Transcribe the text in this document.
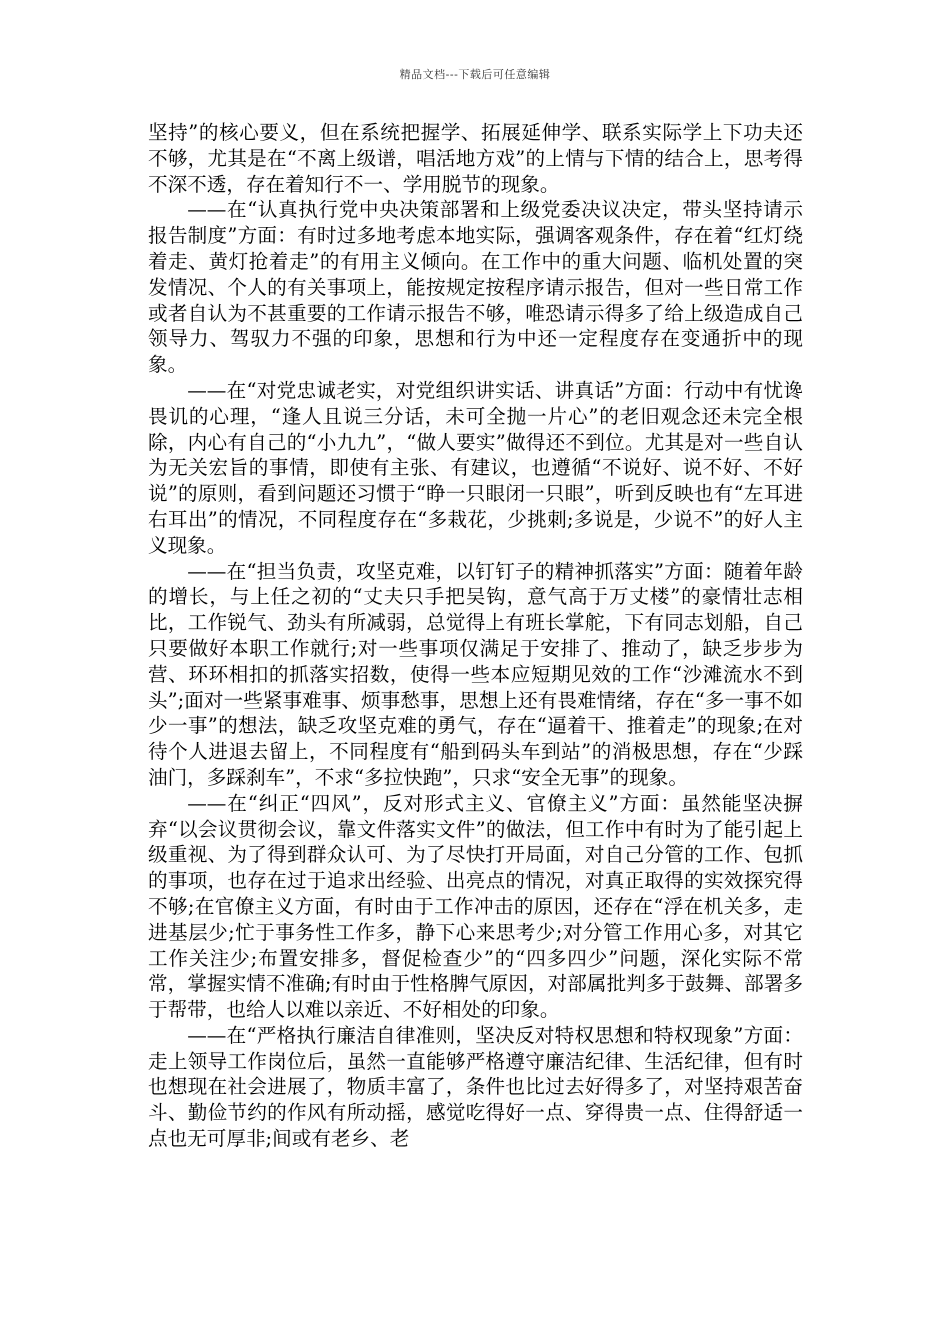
精品文档---下载后可任意编辑

坚持”的核心要义，但在系统把握学、拓展延伸学、联系实际学上下功夫还不够，尤其是在“不离上级谱，唱活地方戏”的上情与下情的结合上，思考得不深不透，存在着知行不一、学用脱节的现象。

——在“认真执行党中央决策部署和上级党委决议决定，带头坚持请示报告制度”方面：有时过多地考虑本地实际，强调客观条件，存在着“红灯绕着走、黄灯抢着走”的有用主义倾向。在工作中的重大问题、临机处置的突发情况、个人的有关事项上，能按规定按程序请示报告，但对一些日常工作或者自认为不甚重要的工作请示报告不够，唯恐请示得多了给上级造成自己领导力、驾驭力不强的印象，思想和行为中还一定程度存在变通折中的现象。

——在“对党忠诚老实，对党组织讲实话、讲真话”方面：行动中有忧谗畏讥的心理，“逢人且说三分话，未可全抛一片心”的老旧观念还未完全根除，内心有自己的“小九九”，“做人要实”做得还不到位。尤其是对一些自认为无关宏旨的事情，即使有主张、有建议，也遵循“不说好、说不好、不好说”的原则，看到问题还习惯于“睁一只眼闭一只眼”，听到反映也有“左耳进右耳出”的情况，不同程度存在“多栽花，少挑刺;多说是，少说不”的好人主义现象。

——在“担当负责，攻坚克难，以钉钉子的精神抓落实”方面：随着年龄的增长，与上任之初的“丈夫只手把吴钩，意气高于万丈楼”的豪情壮志相比，工作锐气、劲头有所减弱，总觉得上有班长掌舵，下有同志划船，自己只要做好本职工作就行;对一些事项仅满足于安排了、推动了，缺乏步步为营、环环相扣的抓落实招数，使得一些本应短期见效的工作“沙滩流水不到头”;面对一些紧事难事、烦事愁事，思想上还有畏难情绪，存在“多一事不如少一事”的想法，缺乏攻坚克难的勇气，存在“逼着干、推着走”的现象;在对待个人进退去留上，不同程度有“船到码头车到站”的消极思想，存在“少踩油门，多踩刹车”，不求“多拉快跑”，只求“安全无事”的现象。

——在“纠正“四风”，反对形式主义、官僚主义”方面：虽然能坚决摒弃“以会议贯彻会议，靠文件落实文件”的做法，但工作中有时为了能引起上级重视、为了得到群众认可、为了尽快打开局面，对自己分管的工作、包抓的事项，也存在过于追求出经验、出亮点的情况，对真正取得的实效探究得不够;在官僚主义方面，有时由于工作冲击的原因，还存在“浮在机关多，走进基层少;忙于事务性工作多，静下心来思考少;对分管工作用心多，对其它工作关注少;布置安排多，督促检查少”的“四多四少”问题，深化实际不常常，掌握实情不准确;有时由于性格脾气原因，对部属批判多于鼓舞、部署多于帮带，也给人以难以亲近、不好相处的印象。

——在“严格执行廉洁自律准则，坚决反对特权思想和特权现象”方面：走上领导工作岗位后，虽然一直能够严格遵守廉洁纪律、生活纪律，但有时也想现在社会进展了，物质丰富了，条件也比过去好得多了，对坚持艰苦奋斗、勤俭节约的作风有所动摇，感觉吃得好一点、穿得贵一点、住得舒适一点也无可厚非;间或有老乡、老
